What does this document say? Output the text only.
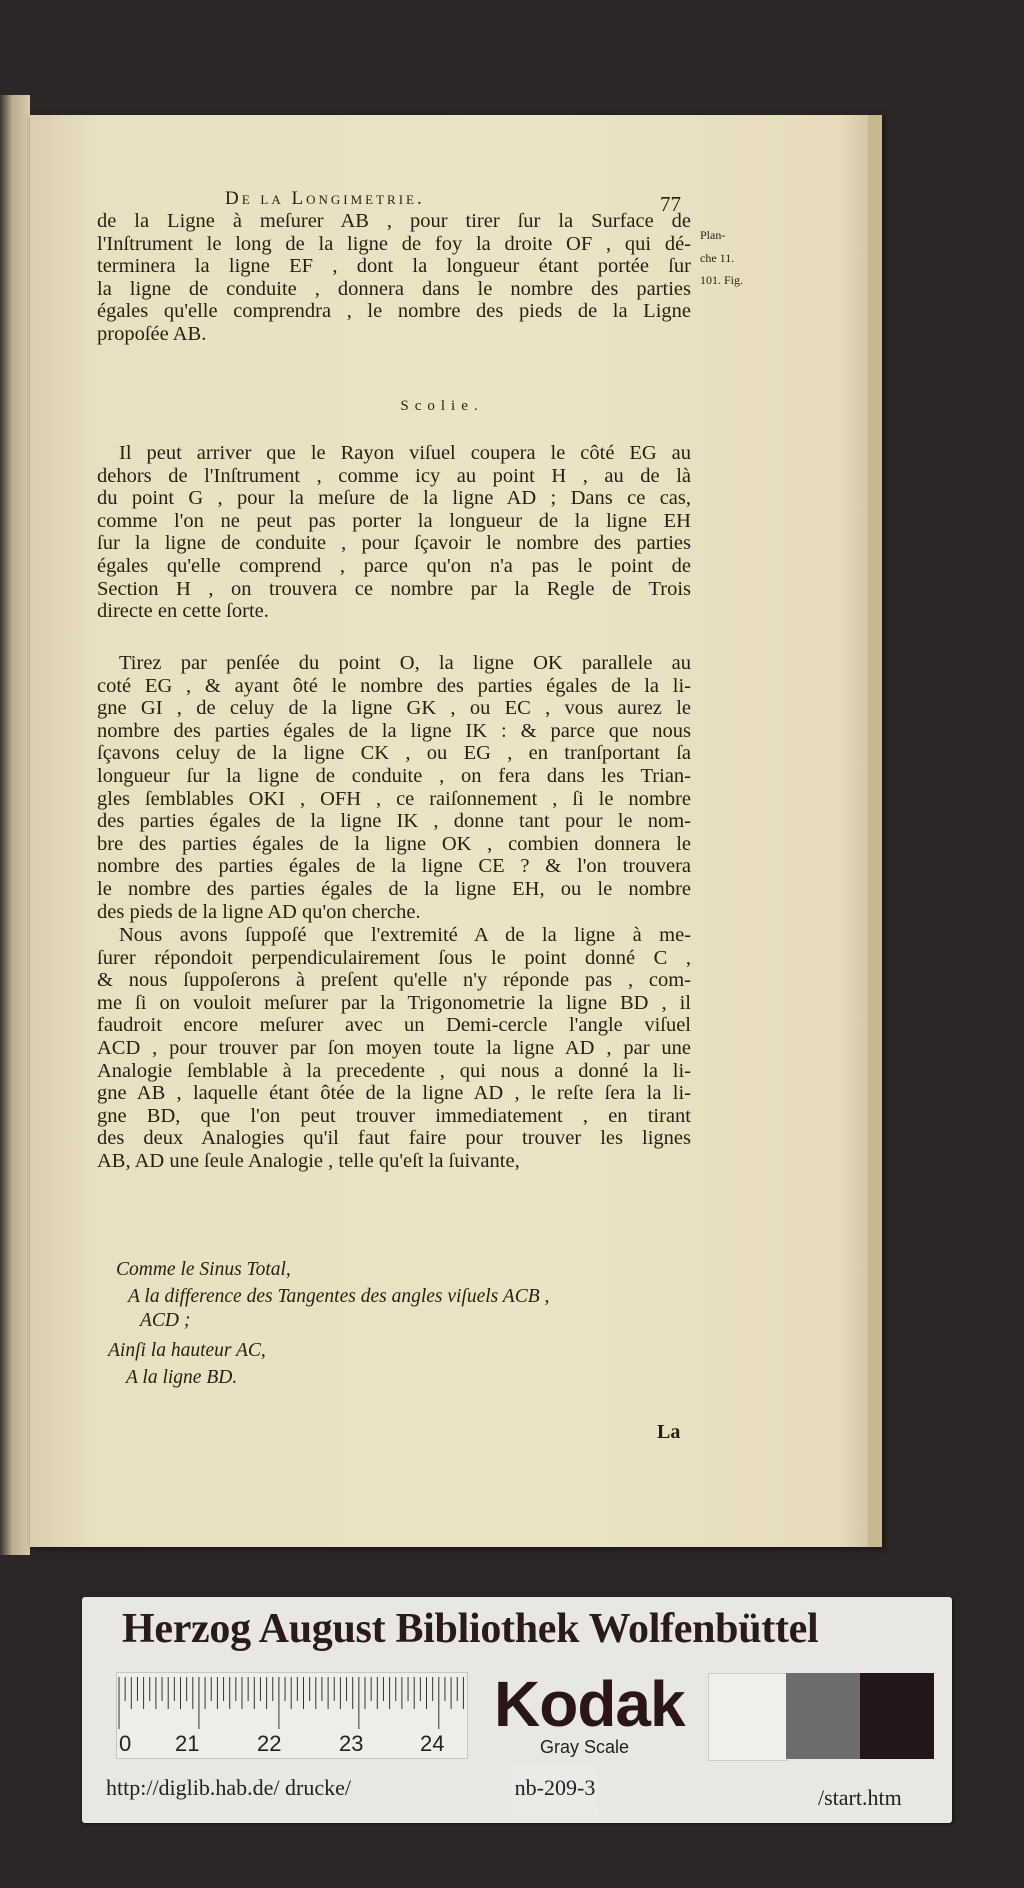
De la Longimetrie.	77
Plan-
che 11.
101. Fig.
de la Ligne à meſurer AB , pour tirer ſur la Surface de
l'Inſtrument le long de la ligne de foy la droite OF , qui dé-
terminera la ligne EF , dont la longueur étant portée ſur
la ligne de conduite , donnera dans le nombre des parties
égales qu'elle comprendra , le nombre des pieds de la Ligne
propoſée AB.
Scolie.
Il peut arriver que le Rayon viſuel coupera le côté EG au
dehors de l'Inſtrument , comme icy au point H , au de là
du point G , pour la meſure de la ligne AD ; Dans ce cas,
comme l'on ne peut pas porter la longueur de la ligne EH
ſur la ligne de conduite , pour ſçavoir le nombre des parties
égales qu'elle comprend , parce qu'on n'a pas le point de
Section H , on trouvera ce nombre par la Regle de Trois
directe en cette ſorte.
Tirez par penſée du point O, la ligne OK parallele au
coté EG , & ayant ôté le nombre des parties égales de la li-
gne GI , de celuy de la ligne GK , ou EC , vous aurez le
nombre des parties égales de la ligne IK : & parce que nous
ſçavons celuy de la ligne CK , ou EG , en tranſportant ſa
longueur ſur la ligne de conduite , on fera dans les Trian-
gles ſemblables OKI , OFH , ce raiſonnement , ſi le nombre
des parties égales de la ligne IK , donne tant pour le nom-
bre des parties égales de la ligne OK , combien donnera le
nombre des parties égales de la ligne CE ? & l'on trouvera
le nombre des parties égales de la ligne EH, ou le nombre
des pieds de la ligne AD qu'on cherche.
Nous avons ſuppoſé que l'extremité A de la ligne à me-
ſurer répondoit perpendiculairement ſous le point donné C ,
& nous ſuppoſerons à preſent qu'elle n'y réponde pas , com-
me ſi on vouloit meſurer par la Trigonometrie la ligne BD , il
faudroit encore meſurer avec un Demi-cercle l'angle viſuel
ACD , pour trouver par ſon moyen toute la ligne AD , par une
Analogie ſemblable à la precedente , qui nous a donné la li-
gne AB , laquelle étant ôtée de la ligne AD , le reſte ſera la li-
gne BD, que l'on peut trouver immediatement , en tirant
des deux Analogies qu'il faut faire pour trouver les lignes
AB, AD une ſeule Analogie , telle qu'eſt la ſuivante,
Comme le Sinus Total,
A la difference des Tangentes des angles viſuels ACB ,
ACD ;
Ainſi la hauteur AC,
A la ligne BD.
La
Herzog August Bibliothek Wolfenbüttel
0 21	22	23	24
Kodak
Gray Scale
http://diglib.hab.de/ drucke/	nb-209-3	/start.htm
